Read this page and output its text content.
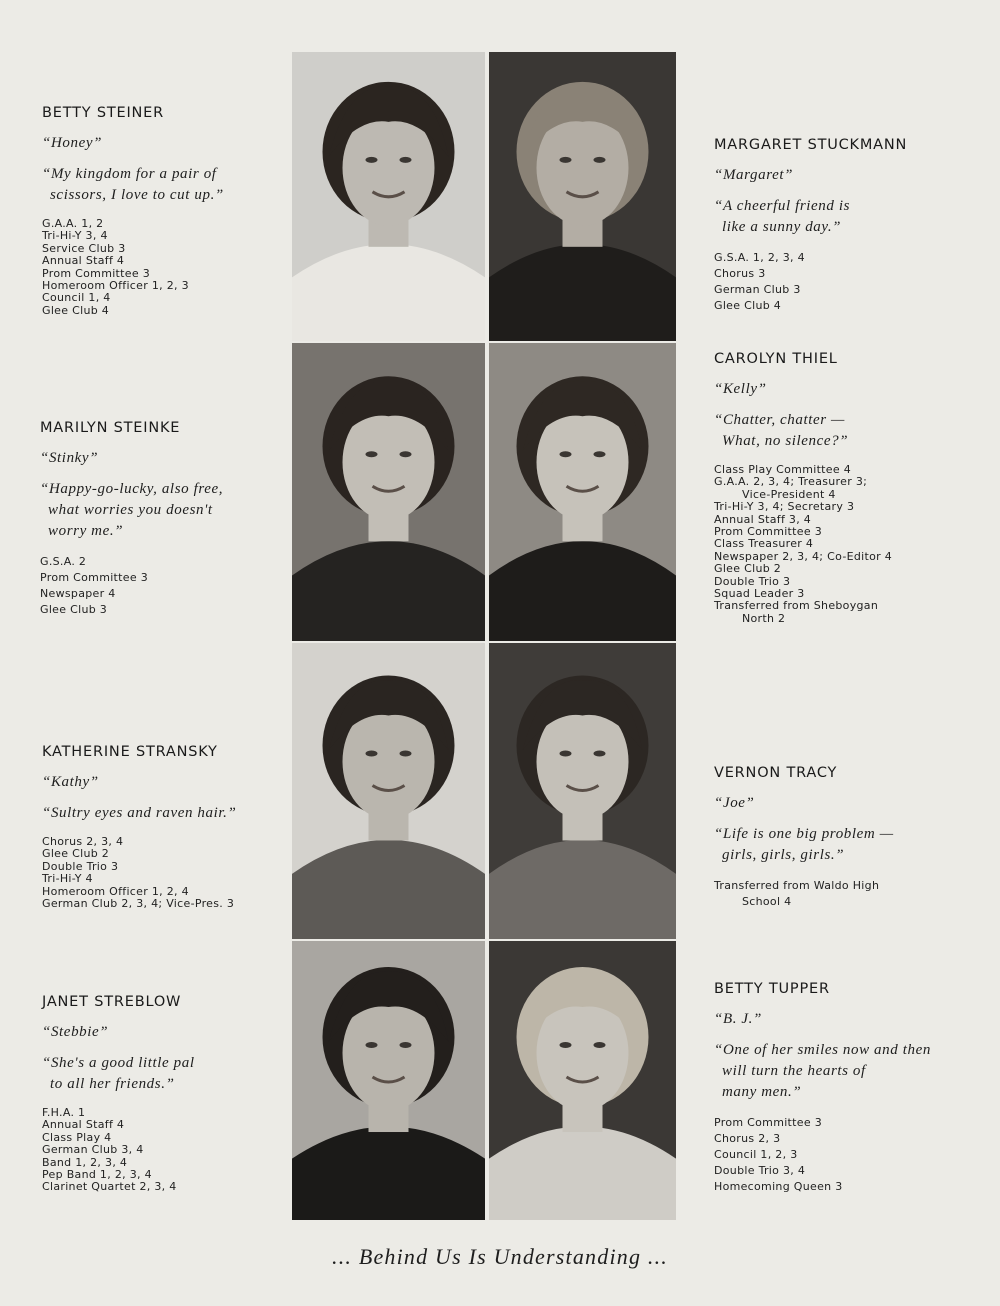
BETTY STEINER

“Honey”

“My kingdom for a pair of
scissors, I love to cut up.”

G.A.A. 1, 2
Tri-Hi-Y 3, 4
Service Club 3
Annual Staff 4
Prom Committee 3
Homeroom Officer 1, 2, 3
Council 1, 4
Glee Club 4

MARGARET STUCKMANN

“Margaret”

“A cheerful friend is
like a sunny day.”

G.S.A. 1, 2, 3, 4
Chorus 3
German Club 3
Glee Club 4

MARILYN STEINKE

“Stinky”

“Happy-go-lucky, also free,
what worries you doesn't
worry me.”

G.S.A. 2
Prom Committee 3
Newspaper 4
Glee Club 3

CAROLYN THIEL

“Kelly”

“Chatter, chatter —
What, no silence?”

Class Play Committee 4
G.A.A. 2, 3, 4; Treasurer 3;
Vice-President 4
Tri-Hi-Y 3, 4; Secretary 3
Annual Staff 3, 4
Prom Committee 3
Class Treasurer 4
Newspaper 2, 3, 4; Co-Editor 4
Glee Club 2
Double Trio 3
Squad Leader 3
Transferred from Sheboygan
North 2

KATHERINE STRANSKY

“Kathy”

“Sultry eyes and raven hair.”

Chorus 2, 3, 4
Glee Club 2
Double Trio 3
Tri-Hi-Y 4
Homeroom Officer 1, 2, 4
German Club 2, 3, 4; Vice-Pres. 3

VERNON TRACY

“Joe”

“Life is one big problem —
girls, girls, girls.”

Transferred from Waldo High
School 4

JANET STREBLOW

“Stebbie”

“She's a good little pal
to all her friends.”

F.H.A. 1
Annual Staff 4
Class Play 4
German Club 3, 4
Band 1, 2, 3, 4
Pep Band 1, 2, 3, 4
Clarinet Quartet 2, 3, 4

BETTY TUPPER

“B. J.”

“One of her smiles now and then
will turn the hearts of
many men.”

Prom Committee 3
Chorus 2, 3
Council 1, 2, 3
Double Trio 3, 4
Homecoming Queen 3
... Behind Us Is Understanding ...
